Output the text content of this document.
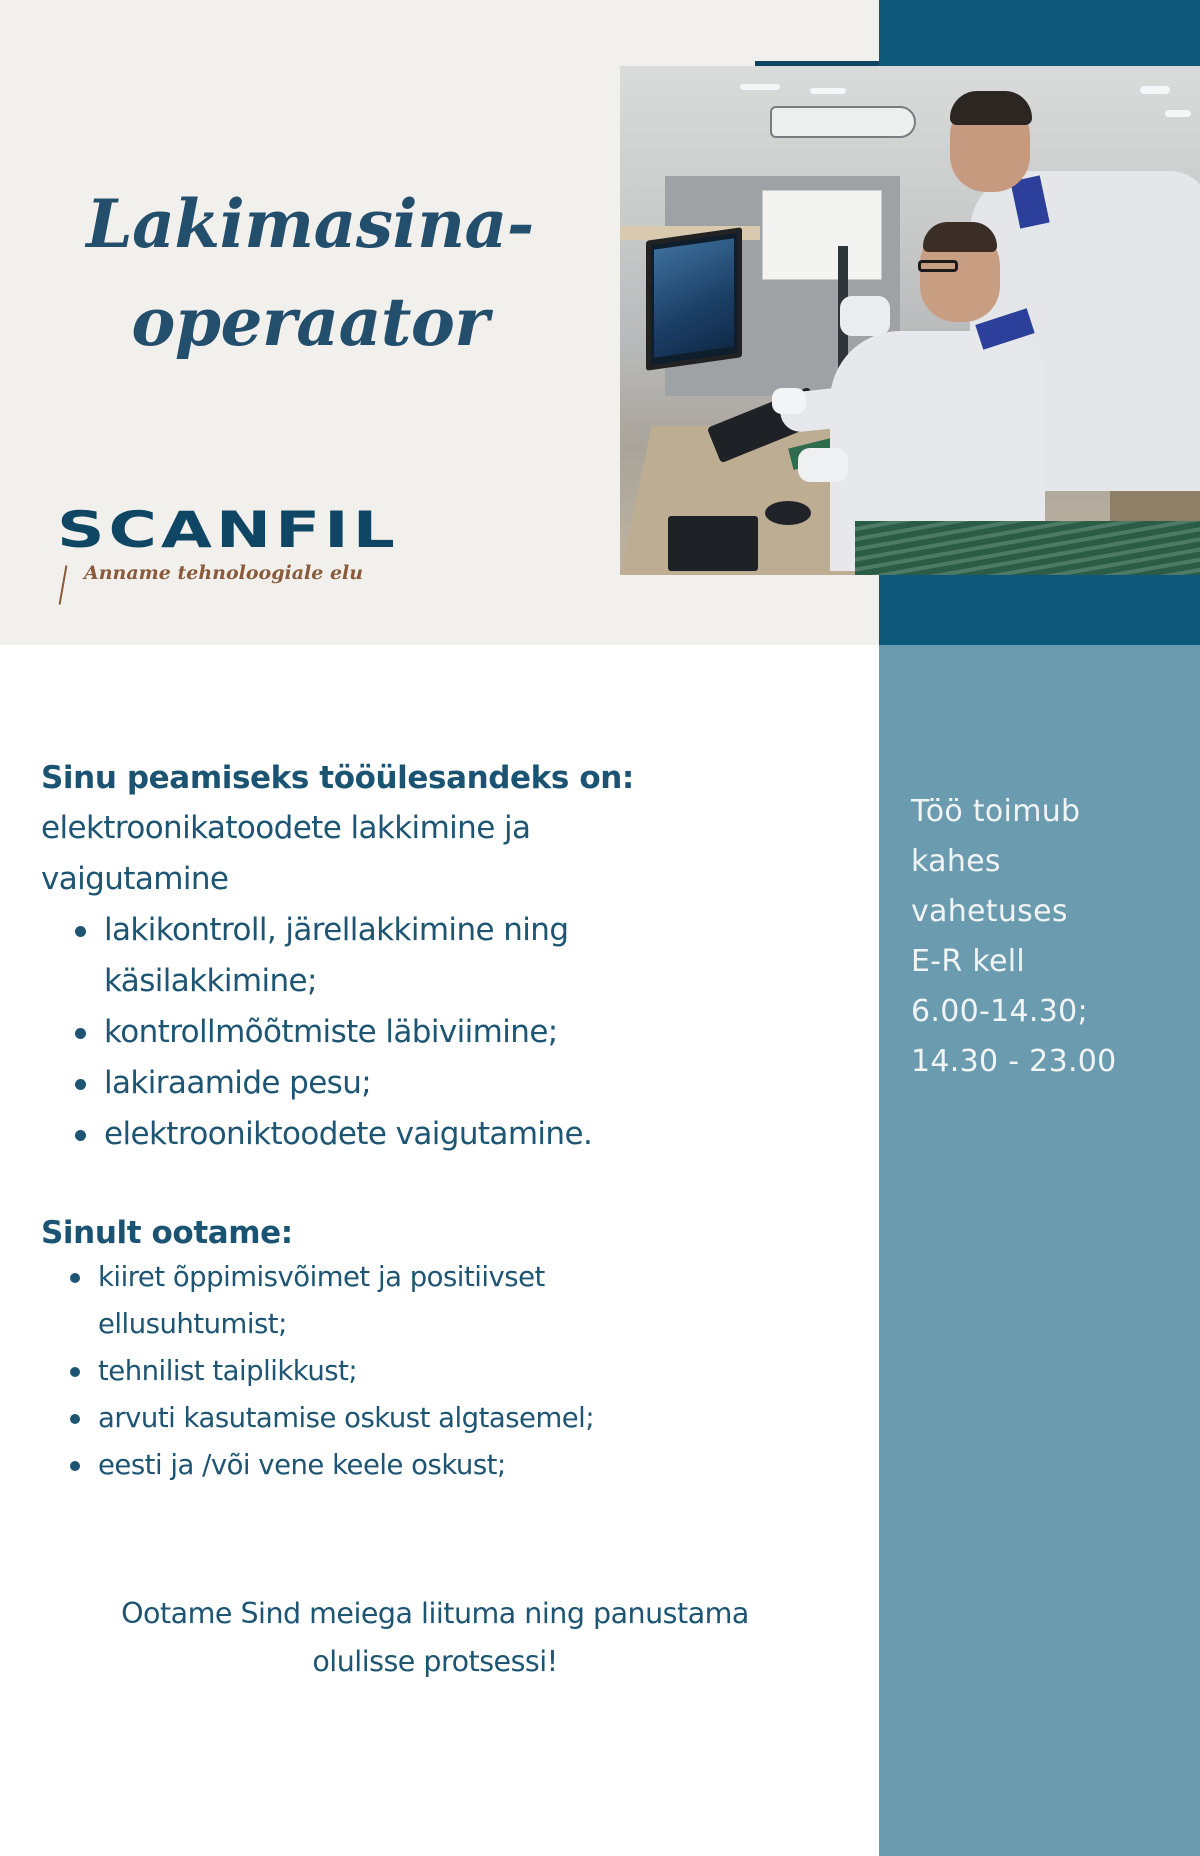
Lakimasina-
operaator
SCANFIL
Anname tehnoloogiale elu
Sinu peamiseks tööülesandeks on:
elektroonikatoodete lakkimine ja
vaigutamine
lakikontroll, järellakkimine ning
käsilakkimine;
kontrollmõõtmiste läbiviimine;
lakiraamide pesu;
elektrooniktoodete vaigutamine.
Sinult ootame:
kiiret õppimisvõimet ja positiivset
ellusuhtumist;
tehnilist taiplikkust;
arvuti kasutamise oskust algtasemel;
eesti ja /või vene keele oskust;
Ootame Sind meiega liituma ning panustama
olulisse protsessi!
Töö toimub
kahes
vahetuses
E-R kell
6.00-14.30;
14.30 - 23.00
